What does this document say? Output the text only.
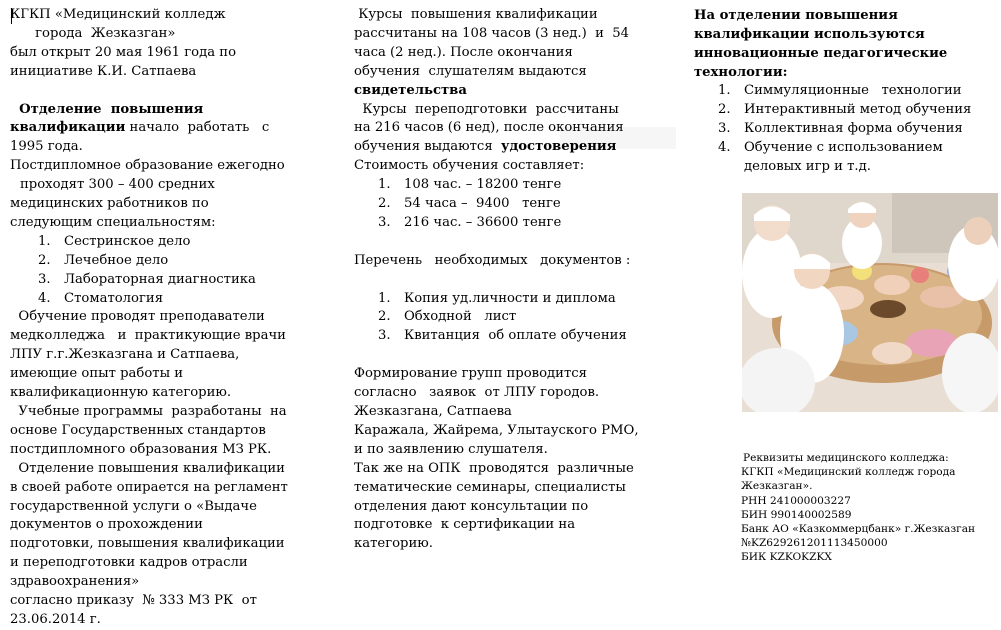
КГКП «Медицинский колледж

города  Жезказган»

был открыт 20 мая 1961 года по

инициативе К.И. Сатпаева

Отделение  повышения

квалификации начало  работать   с

1995 года.

Постдипломное образование ежегодно

проходят 300 – 400 средних

медицинских работников по

следующим специальностям:

1.	Сестринское дело
2.	Лечебное дело
3.	Лабораторная диагностика
4.	Стоматология

Обучение проводят преподаватели

медколледжа   и  практикующие врачи

ЛПУ г.г.Жезказгана и Сатпаева,

имеющие опыт работы и

квалификационную категорию.

Учебные программы  разработаны  на

основе Государственных стандартов

постдипломного образования МЗ РК.

Отделение повышения квалификации

в своей работе опирается на регламент

государственной услуги о «Выдаче

документов о прохождении

подготовки, повышения квалификации

и переподготовки кадров отрасли

здравоохранения»

согласно приказу  № 333 МЗ РК  от

23.06.2014 г.

Курсы  повышения квалификации

рассчитаны на 108 часов (3 нед.)  и  54

часа (2 нед.). После окончания

обучения  слушателям выдаются

свидетельства

Курсы  переподготовки  рассчитаны

на 216 часов (6 нед), после окончания

обучения выдаются  удостоверения

Стоимость обучения составляет:

1.	108 час. – 18200 тенге
2.	54 часа –  9400   тенге
3.	216 час. – 36600 тенге

Перечень   необходимых   документов :

1.	Копия уд.личности и диплома
2.	Обходной   лист
3.	Квитанция  об оплате обучения

Формирование групп проводится

согласно   заявок  от ЛПУ городов.

Жезказгана, Сатпаева

Каражала, Жайрема, Улытауского РМО,

и по заявлению слушателя.

Так же на ОПК  проводятся  различные

тематические семинары, специалисты

отделения дают консультации по

подготовке  к сертификации на

категорию.

На отделении повышения

квалификации используются

инновационные педагогические

технологии:

1.	Симмуляционные   технологии
2.	Интерактивный метод обучения
3.	Коллективная форма обучения
4.	Обучение с использованием деловых игр и т.д.

Реквизиты медицинского колледжа:

КГКП «Медицинский колледж города

Жезказган».

РНН 241000003227

БИН 990140002589

Банк АО «Казкоммерцбанк» г.Жезказган

№KZ629261201113450000

БИК KZKOKZKX
